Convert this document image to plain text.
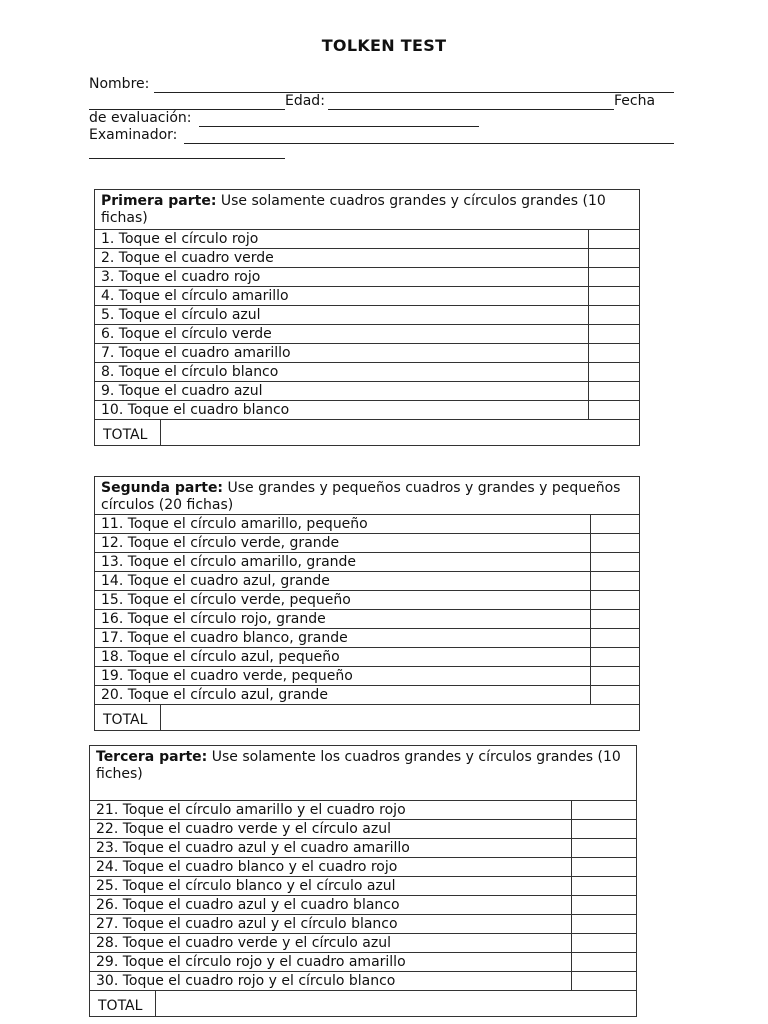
TOLKEN TEST
Nombre:
Edad:	Fecha
de evaluación:
Examinador:
Primera parte: Use solamente cuadros grandes y círculos grandes (10 fichas)	
1. Toque el círculo rojo	
2. Toque el cuadro verde	
3. Toque el cuadro rojo	
4. Toque el círculo amarillo	
5. Toque el círculo azul	
6. Toque el círculo verde	
7. Toque el cuadro amarillo	
8. Toque el círculo blanco	
9. Toque el cuadro azul	
10. Toque el cuadro blanco	

TOTAL	
Segunda parte: Use grandes y pequeños cuadros y grandes y pequeños círculos (20 fichas)	
11. Toque el círculo amarillo, pequeño	
12. Toque el círculo verde, grande	
13. Toque el círculo amarillo, grande	
14. Toque el cuadro azul, grande	
15. Toque el círculo verde, pequeño	
16. Toque el círculo rojo, grande	
17. Toque el cuadro blanco, grande	
18. Toque el círculo azul, pequeño	
19. Toque el cuadro verde, pequeño	
20. Toque el círculo azul, grande	

TOTAL	
Tercera parte: Use solamente los cuadros grandes y círculos grandes (10 fiches)	
21. Toque el círculo amarillo y el cuadro rojo	
22. Toque el cuadro verde y el círculo azul	
23. Toque el cuadro azul y el cuadro amarillo	
24. Toque el cuadro blanco y el cuadro rojo	
25. Toque el círculo blanco y el círculo azul	
26. Toque el cuadro azul y el cuadro blanco	
27. Toque el cuadro azul y el círculo blanco	
28. Toque el cuadro verde y el círculo azul	
29. Toque el círculo rojo y el cuadro amarillo	
30. Toque el cuadro rojo y el círculo blanco	

TOTAL	
